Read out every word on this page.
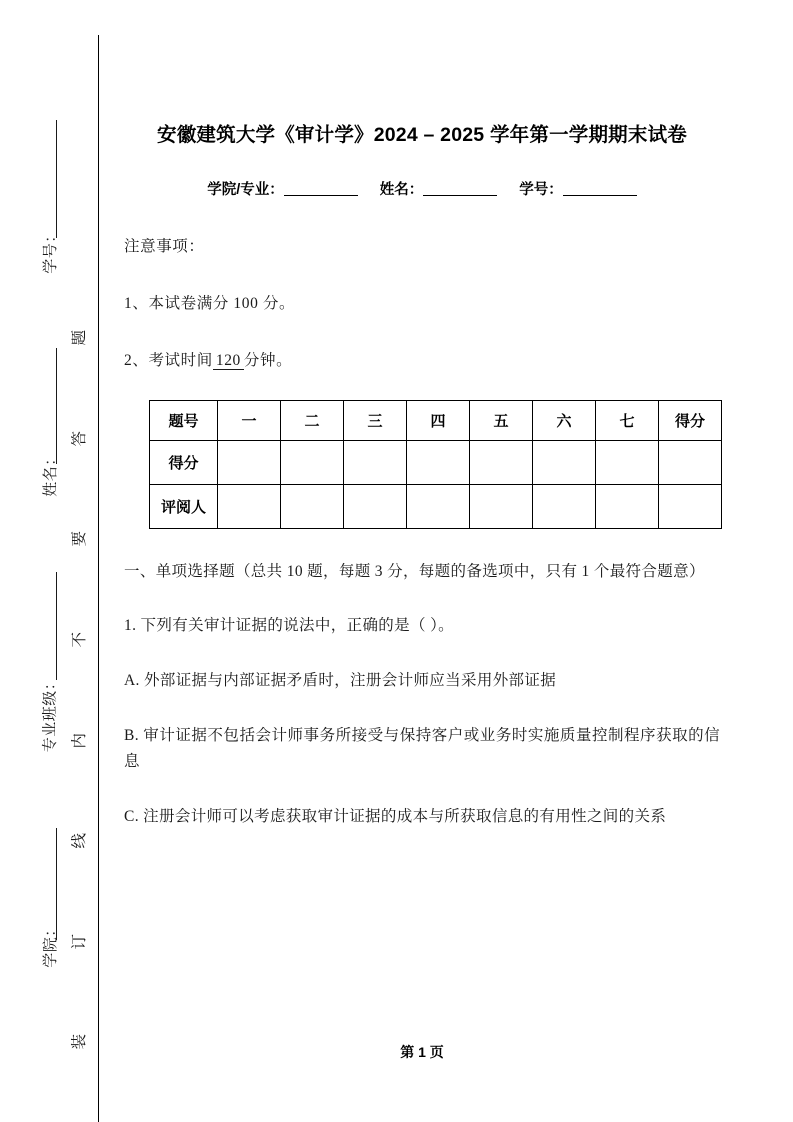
学号：
姓名：
专业班级：
学院：
题
答
要
不
内
线
订
装
安徽建筑大学《审计学》2024 – 2025 学年第一学期期末试卷
学院/专业：	姓名：	学号：

注意事项：

1、本试卷满分 100 分。

2、考试时间 120 分钟。

题号	一	二	三	四	五	六	七	得分
得分								
评阅人								

一、单项选择题（总共 10 题，每题 3 分，每题的备选项中，只有 1 个最符合题意）

1. 下列有关审计证据的说法中，正确的是（ ）。

A. 外部证据与内部证据矛盾时，注册会计师应当采用外部证据

B. 审计证据不包括会计师事务所接受与保持客户或业务时实施质量控制程序获取的信息

C. 注册会计师可以考虑获取审计证据的成本与所获取信息的有用性之间的关系

第 1 页
